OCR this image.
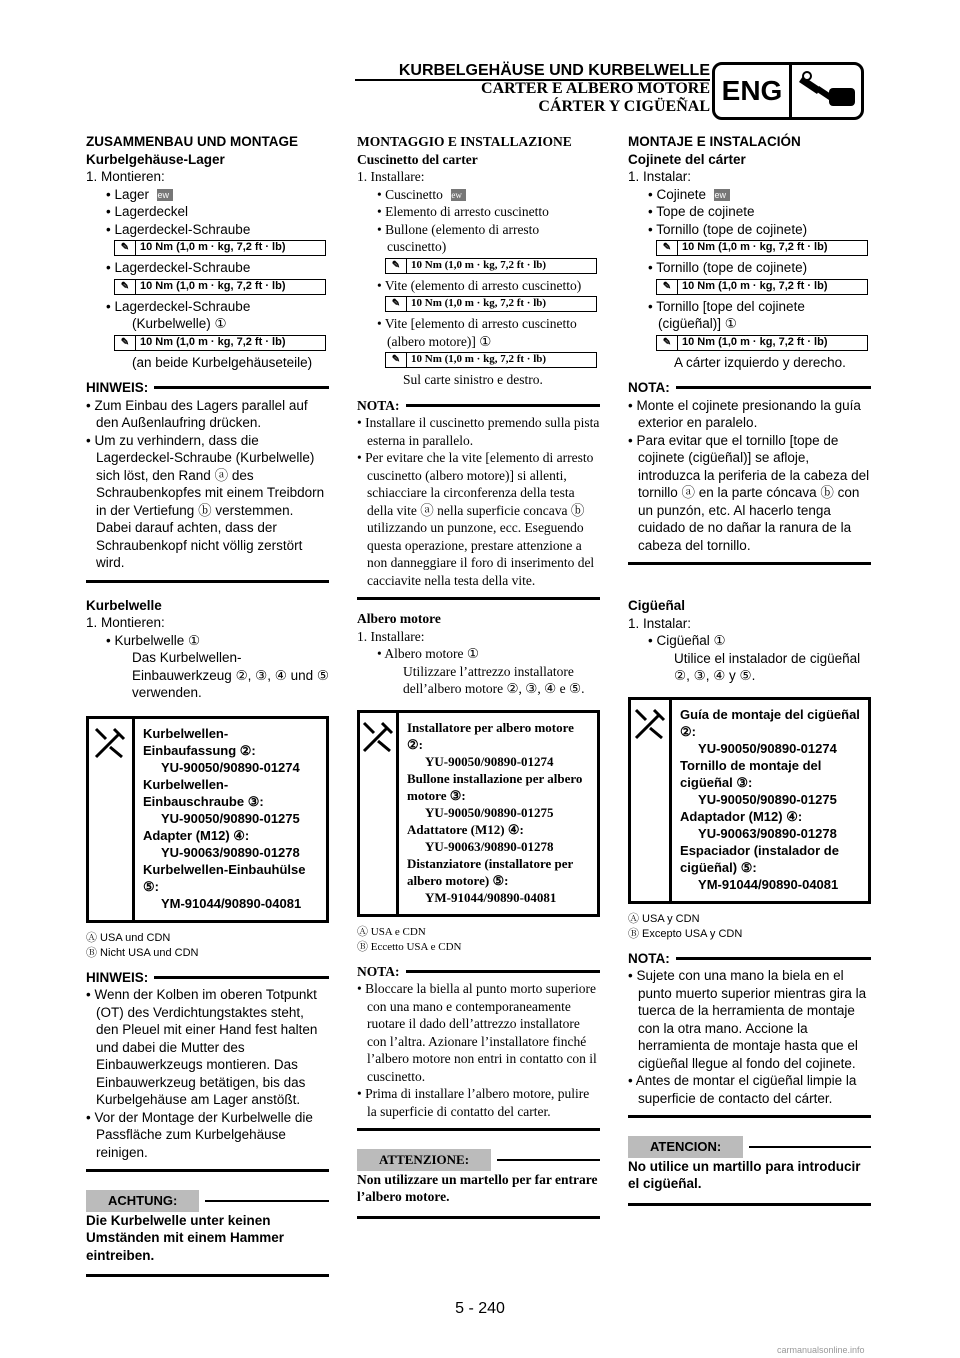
KURBELGEHÄUSE UND KURBELWELLE
CARTER E ALBERO MOTORE
CÁRTER Y CIGÜEÑAL
ENG

ZUSAMMENBAU UND MONTAGE

Kurbelgehäuse-Lager

1. Montieren:

• Lager New

• Lagerdeckel

• Lagerdeckel-Schraube

✎ 10 Nm (1,0 m · kg, 7,2 ft · lb)

• Lagerdeckel-Schraube

✎ 10 Nm (1,0 m · kg, 7,2 ft · lb)

• Lagerdeckel-Schraube

(Kurbelwelle) ①

✎ 10 Nm (1,0 m · kg, 7,2 ft · lb)

(an beide Kurbelgehäuseteile)

HINWEIS:

• Zum Einbau des Lagers parallel auf den Außenlaufring drücken.

• Um zu verhindern, dass die Lagerdeckel-Schraube (Kurbelwelle) sich löst, den Rand ⓐ des Schraubenkopfes mit einem Treibdorn in der Vertiefung ⓑ verstemmen. Dabei darauf achten, dass der Schraubenkopf nicht völlig zerstört wird.

Kurbelwelle

1. Montieren:

• Kurbelwelle ①

Das Kurbelwellen-Einbauwerkzeug ②, ③, ④ und ⑤ verwenden.

Kurbelwellen-Einbaufassung ②:
YU-90050/90890-01274
Kurbelwellen-Einbauschraube ③:
YU-90050/90890-01275
Adapter (M12) ④:
YU-90063/90890-01278
Kurbelwellen-Einbauhülse ⑤:
YM-91044/90890-04081
Ⓐ USA und CDN
Ⓑ Nicht USA und CDN
HINWEIS:

• Wenn der Kolben im oberen Totpunkt (OT) des Verdichtungstaktes steht, den Pleuel mit einer Hand fest halten und dabei die Mutter des Einbauwerkzeugs montieren. Das Einbauwerkzeug betätigen, bis das Kurbelgehäuse am Lager anstößt.

• Vor der Montage der Kurbelwelle die Passfläche zum Kurbelgehäuse reinigen.

ACHTUNG:

Die Kurbelwelle unter keinen Umständen mit einem Hammer eintreiben.

MONTAGGIO E INSTALLAZIONE

Cuscinetto del carter

1. Installare:

• Cuscinetto New

• Elemento di arresto cuscinetto

• Bullone (elemento di arresto cuscinetto)

✎ 10 Nm (1,0 m · kg, 7,2 ft · lb)

• Vite (elemento di arresto cuscinetto)

✎ 10 Nm (1,0 m · kg, 7,2 ft · lb)

• Vite [elemento di arresto cuscinetto (albero motore)] ①

✎ 10 Nm (1,0 m · kg, 7,2 ft · lb)

Sul carte sinistro e destro.

NOTA:

• Installare il cuscinetto premendo sulla pista esterna in parallelo.

• Per evitare che la vite [elemento di arresto cuscinetto (albero motore)] si allenti, schiacciare la circonferenza della testa della vite ⓐ nella superficie concava ⓑ utilizzando un punzone, ecc. Eseguendo questa operazione, prestare attenzione a non danneggiare il foro di inserimento del cacciavite nella testa della vite.

Albero motore

1. Installare:

• Albero motore ①

Utilizzare l’attrezzo installatore dell’albero motore ②, ③, ④ e ⑤.

Installatore per albero motore ②:
YU-90050/90890-01274
Bullone installazione per albero motore ③:
YU-90050/90890-01275
Adattatore (M12) ④:
YU-90063/90890-01278
Distanziatore (installatore per albero motore) ⑤:
YM-91044/90890-04081
Ⓐ USA e CDN
Ⓑ Eccetto USA e CDN
NOTA:

• Bloccare la biella al punto morto superiore con una mano e contemporaneamente ruotare il dado dell’attrezzo installatore con l’altra. Azionare l’installatore finché l’albero motore non entri in contatto con il cuscinetto.

• Prima di installare l’albero motore, pulire la superficie di contatto del carter.

ATTENZIONE:

Non utilizzare un martello per far entrare l’albero motore.

MONTAJE E INSTALACIÓN

Cojinete del cárter

1. Instalar:

• Cojinete New

• Tope de cojinete

• Tornillo (tope de cojinete)

✎ 10 Nm (1,0 m · kg, 7,2 ft · lb)

• Tornillo (tope de cojinete)

✎ 10 Nm (1,0 m · kg, 7,2 ft · lb)

• Tornillo [tope del cojinete (cigüeñal)] ①

✎ 10 Nm (1,0 m · kg, 7,2 ft · lb)

A cárter izquierdo y derecho.

NOTA:

• Monte el cojinete presionando la guía exterior en paralelo.

• Para evitar que el tornillo [tope de cojinete (cigüeñal)] se afloje, introduzca la periferia de la cabeza del tornillo ⓐ en la parte cóncava ⓑ con un punzón, etc. Al hacerlo tenga cuidado de no dañar la ranura de la cabeza del tornillo.

Cigüeñal

1. Instalar:

• Cigüeñal ①

Utilice el instalador de cigüeñal ②, ③, ④ y ⑤.

Guía de montaje del cigüeñal ②:
YU-90050/90890-01274
Tornillo de montaje del cigüeñal ③:
YU-90050/90890-01275
Adaptador (M12) ④:
YU-90063/90890-01278
Espaciador (instalador de cigüeñal) ⑤:
YM-91044/90890-04081
Ⓐ USA y CDN
Ⓑ Excepto USA y CDN
NOTA:

• Sujete con una mano la biela en el punto muerto superior mientras gira la tuerca de la herramienta de montaje con la otra mano. Accione la herramienta de montaje hasta que el cigüeñal llegue al fondo del cojinete.

• Antes de montar el cigüeñal limpie la superficie de contacto del cárter.

ATENCION:

No utilice un martillo para introducir el cigüeñal.

5 - 240
carmanualsonline.info
